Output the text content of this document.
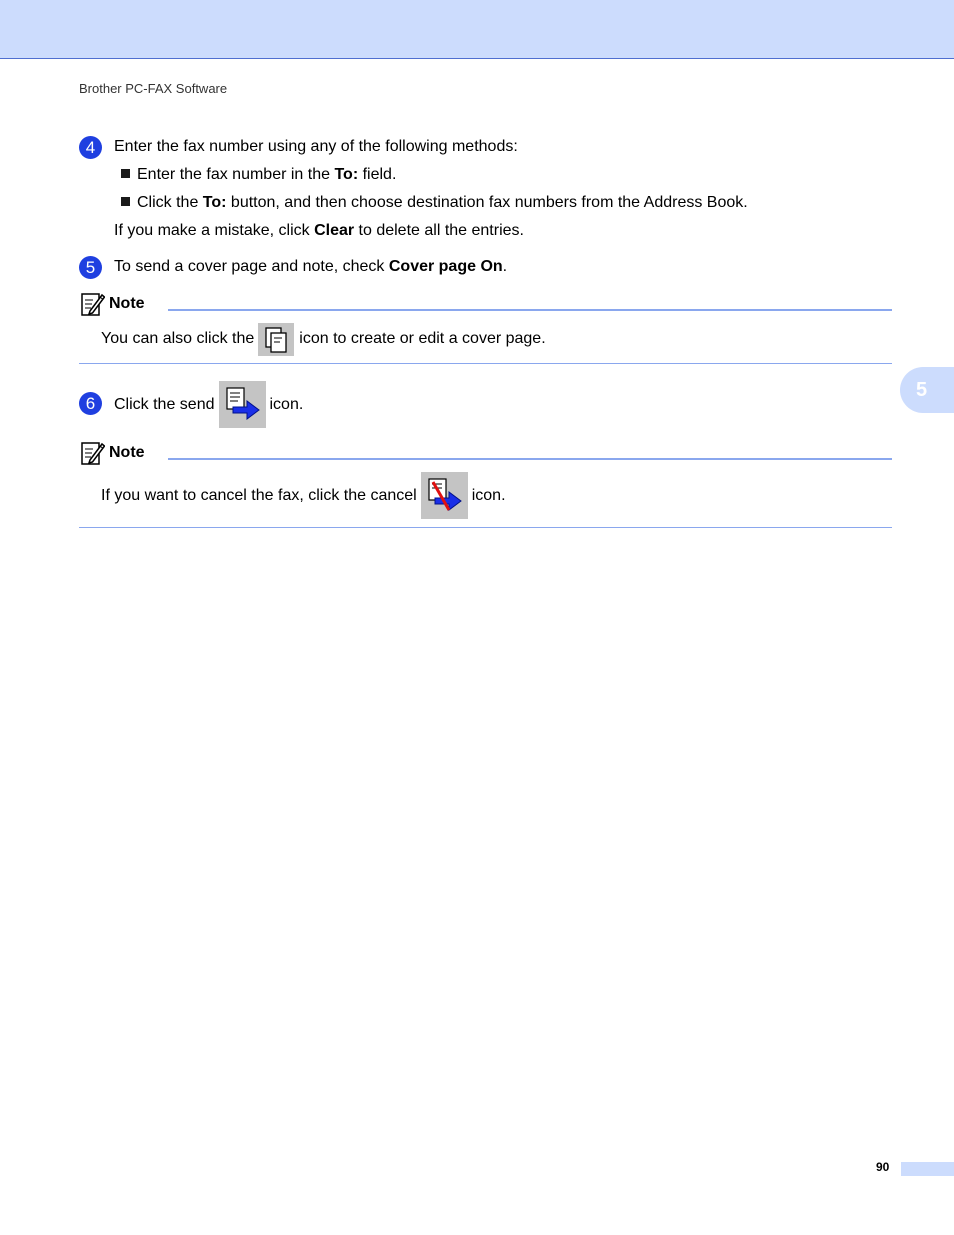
Brother PC-FAX Software
4	Enter the fax number using any of the following methods:
Enter the fax number in the To: field.
Click the To: button, and then choose destination fax numbers from the Address Book.
If you make a mistake, click Clear to delete all the entries.
5	To send a cover page and note, check Cover page On.
Note
You can also click the	icon to create or edit a cover page.
6	Click the send	icon.
Note
If you want to cancel the fax, click the cancel	icon.
5
90
